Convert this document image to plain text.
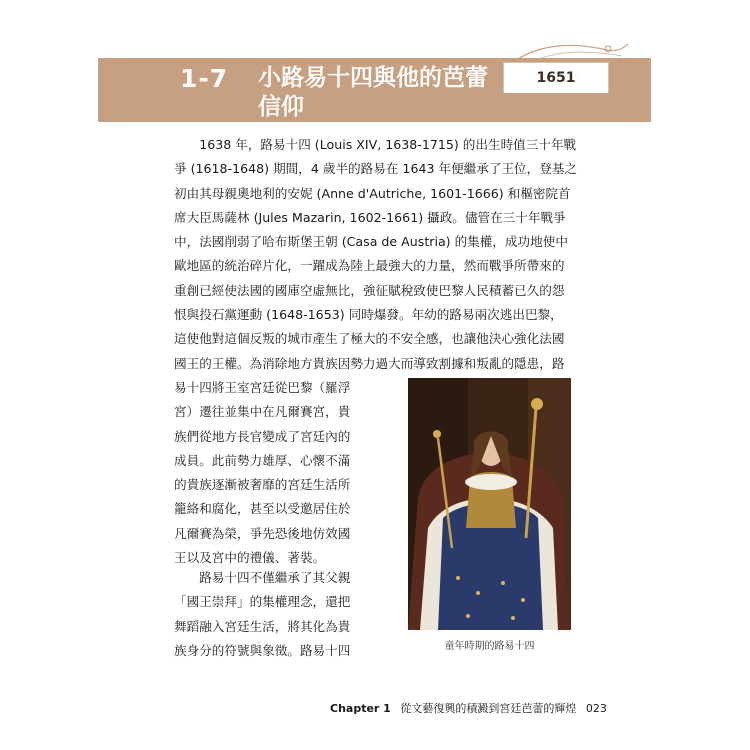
1-7 小路易十四與他的芭蕾
信仰
1651
　　1638 年，路易十四 (Louis XIV, 1638-1715) 的出生時值三十年戰
爭 (1618-1648) 期間，4 歲半的路易在 1643 年便繼承了王位，登基之
初由其母親奧地利的安妮 (Anne d'Autriche, 1601-1666) 和樞密院首
席大臣馬薩林 (Jules Mazarin, 1602-1661) 攝政。儘管在三十年戰爭
中，法國削弱了哈布斯堡王朝 (Casa de Austria) 的集權，成功地使中
歐地區的統治碎片化，一躍成為陸上最強大的力量，然而戰爭所帶來的
重創已經使法國的國庫空虛無比，強征賦稅致使巴黎人民積蓄已久的怨
恨與投石黨運動 (1648-1653) 同時爆發。年幼的路易兩次逃出巴黎，
這使他對這個反叛的城市產生了極大的不安全感，也讓他決心強化法國
國王的王權。為消除地方貴族因勢力過大而導致割據和叛亂的隱患，路
易十四將王室宮廷從巴黎（羅浮
宮）遷往並集中在凡爾賽宮，貴
族們從地方長官變成了宮廷內的
成員。此前勢力雄厚、心懷不滿
的貴族逐漸被奢靡的宮廷生活所
籠絡和腐化，甚至以受邀居住於
凡爾賽為榮，爭先恐後地仿效國
王以及宮中的禮儀、著裝。
　　路易十四不僅繼承了其父親
「國王崇拜」的集權理念，還把
舞蹈融入宮廷生活，將其化為貴
族身分的符號與象徵。路易十四	童年時期的路易十四
Chapter 1 從文藝復興的積澱到宮廷芭蕾的輝煌 023
